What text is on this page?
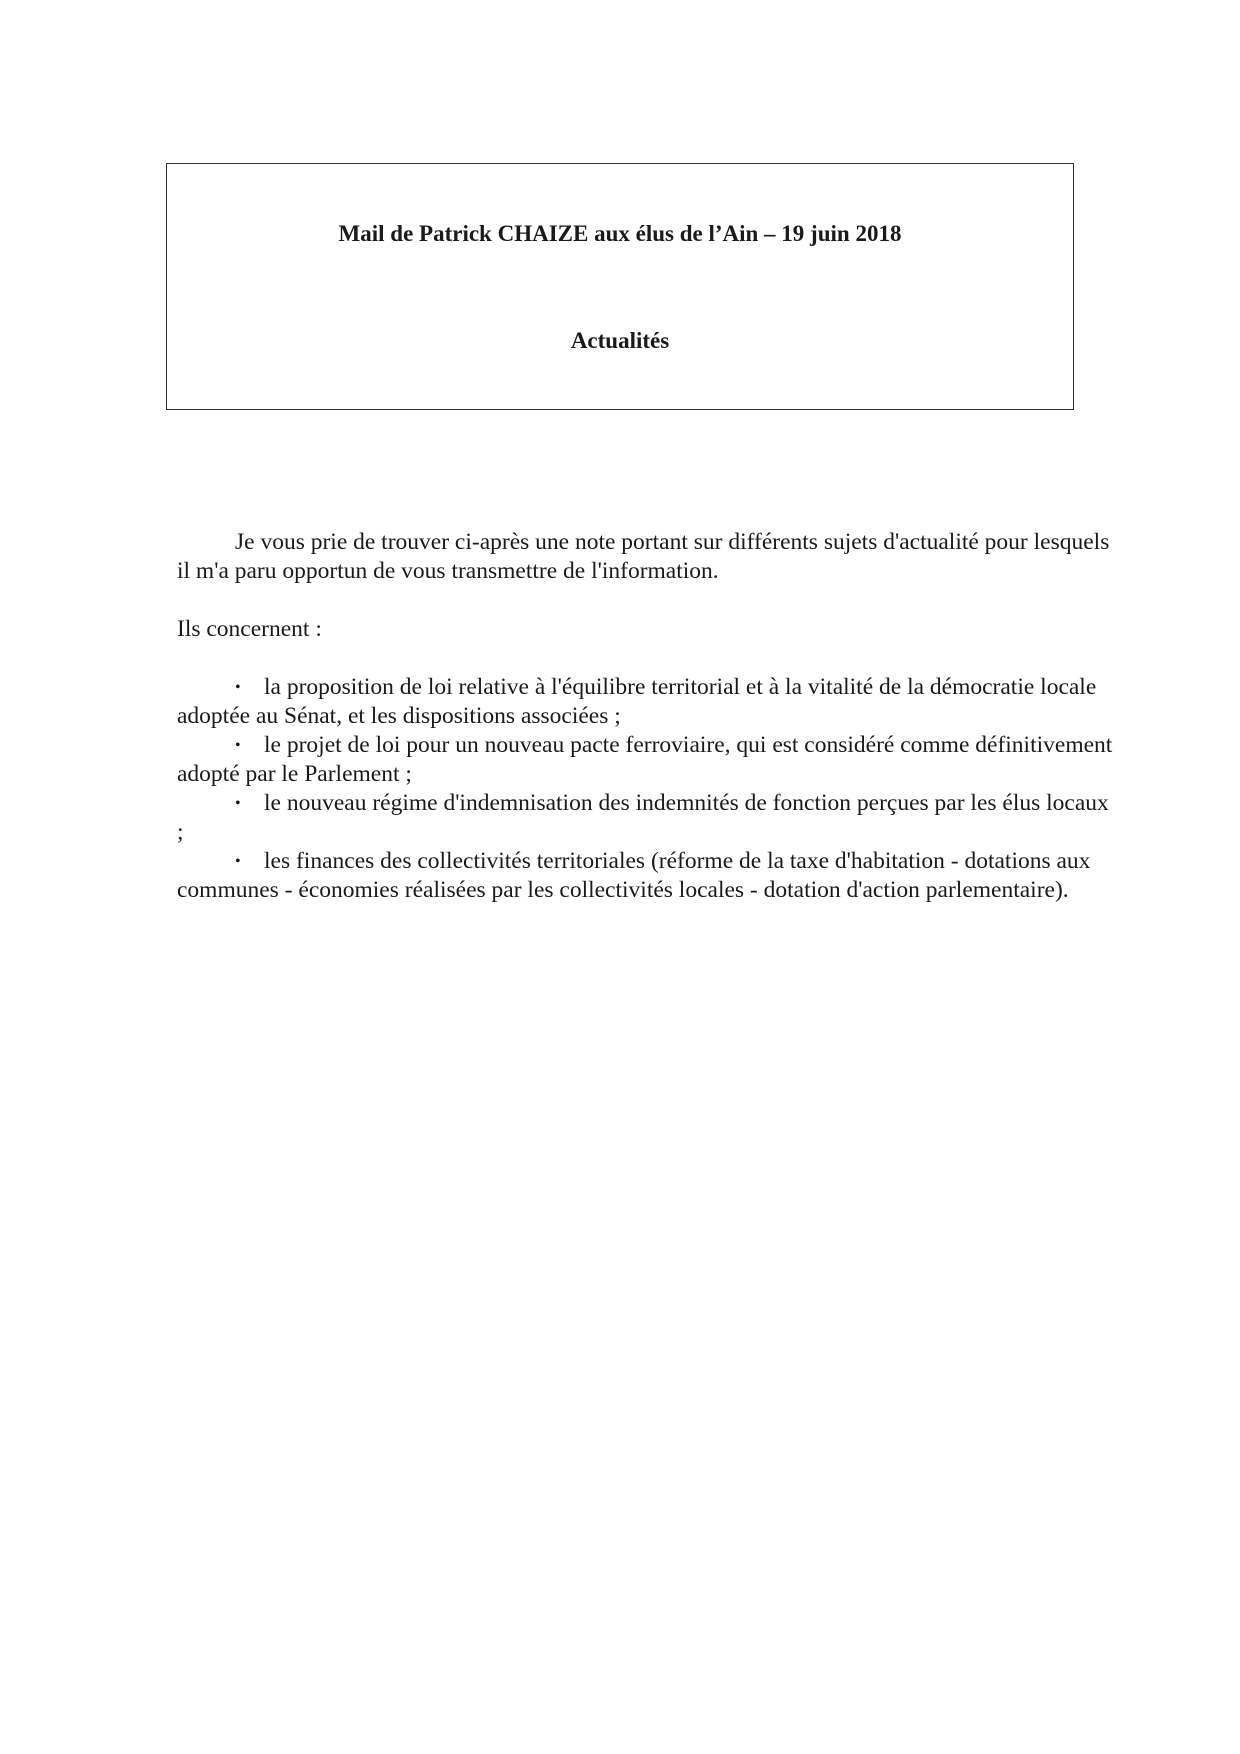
Mail de Patrick CHAIZE aux élus de l’Ain – 19 juin 2018
Actualités

Je vous prie de trouver ci-après une note portant sur différents sujets d'actualité pour lesquels il m'a paru opportun de vous transmettre de l'information.

Ils concernent :

• la proposition de loi relative à l'équilibre territorial et à la vitalité de la démocratie locale adoptée au Sénat, et les dispositions associées ;
• le projet de loi pour un nouveau pacte ferroviaire, qui est considéré comme définitivement adopté par le Parlement ;
• le nouveau régime d'indemnisation des indemnités de fonction perçues par les élus locaux ;
• les finances des collectivités territoriales (réforme de la taxe d'habitation - dotations aux communes - économies réalisées par les collectivités locales - dotation d'action parlementaire).
